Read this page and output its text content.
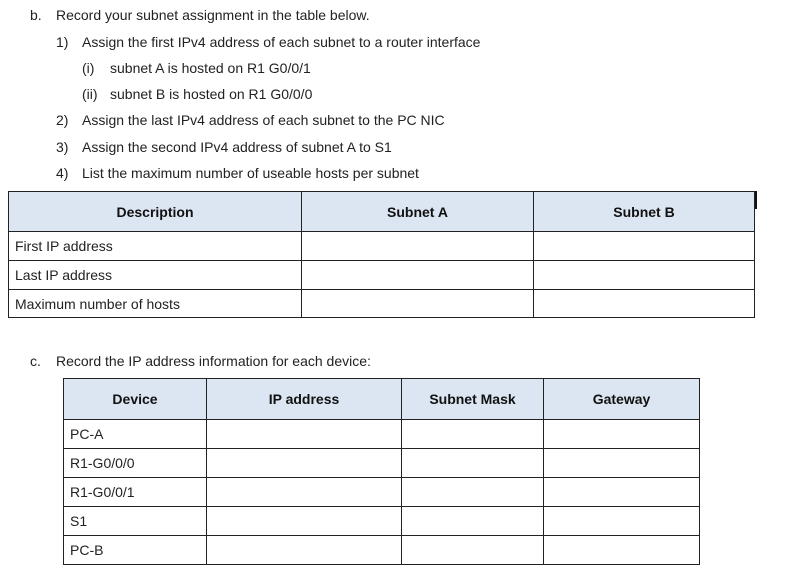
b. Record your subnet assignment in the table below.
1) Assign the first IPv4 address of each subnet to a router interface
(i) subnet A is hosted on R1 G0/0/1
(ii) subnet B is hosted on R1 G0/0/0
2) Assign the last IPv4 address of each subnet to the PC NIC
3) Assign the second IPv4 address of subnet A to S1
4) List the maximum number of useable hosts per subnet
Description	Subnet A	Subnet B
First IP address		
Last IP address		
Maximum number of hosts		
c. Record the IP address information for each device:
Device	IP address	Subnet Mask	Gateway
PC-A			
R1-G0/0/0			
R1-G0/0/1			
S1			
PC-B			
